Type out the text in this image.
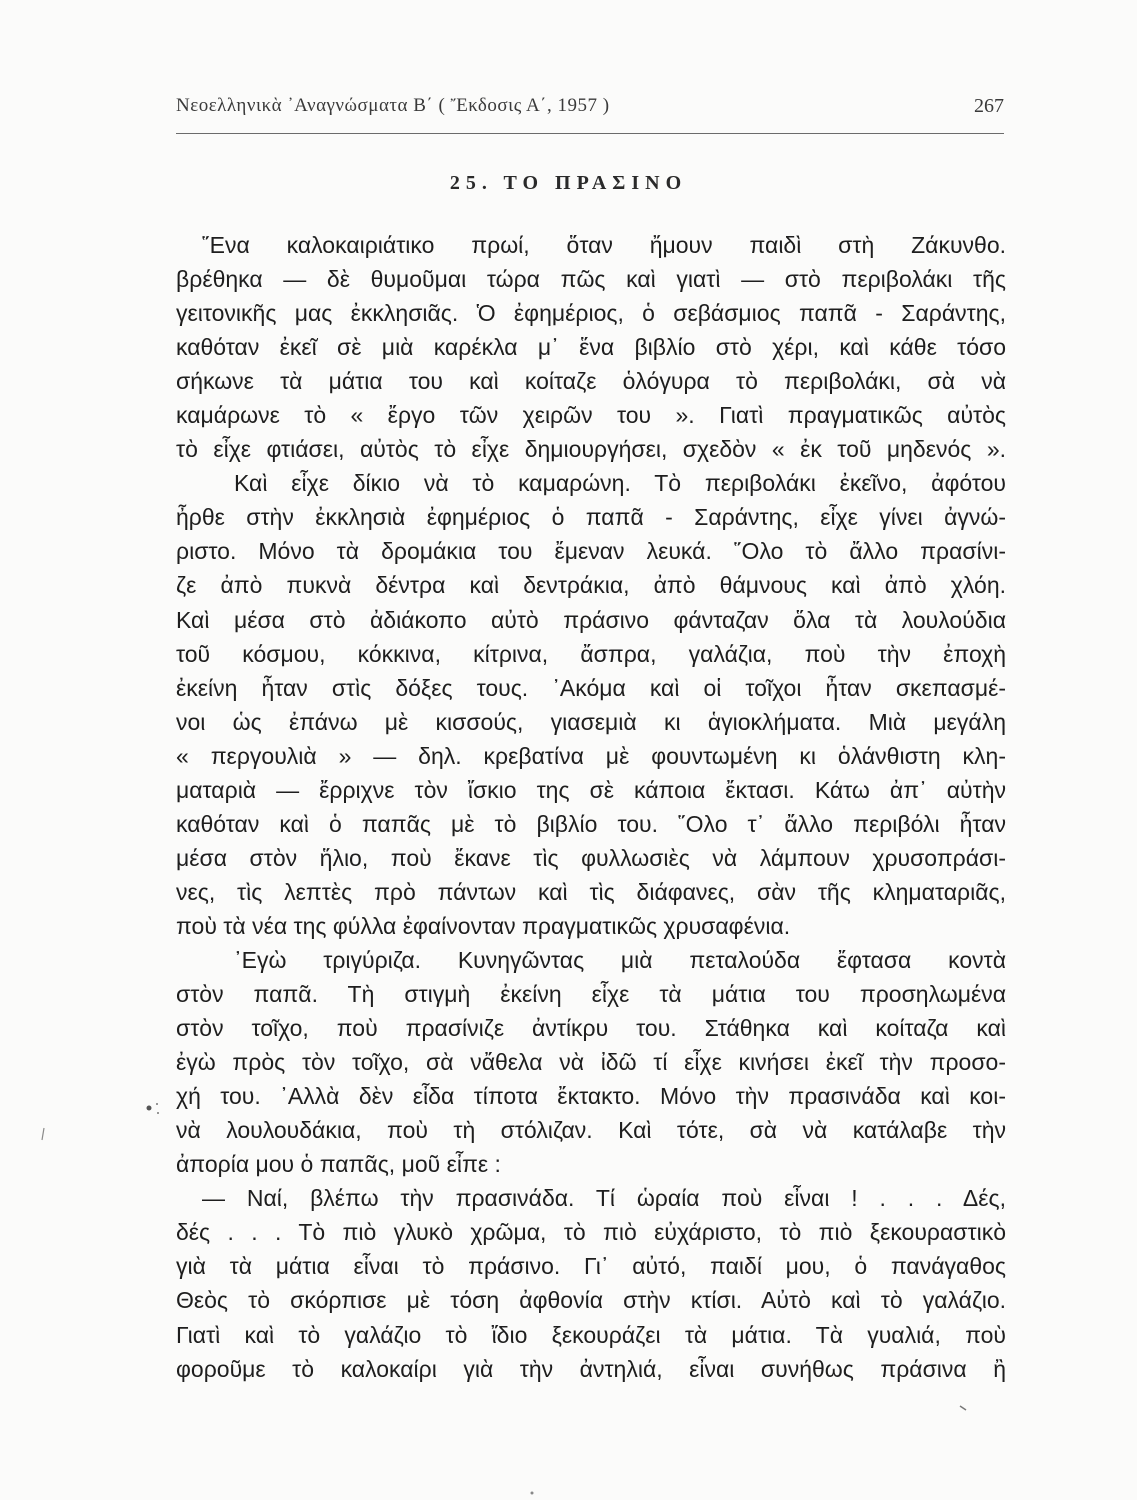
Νεοελληνικὰ ᾿Αναγνώσματα Β΄ ( Ἔκδοσις Α΄, 1957 )	267
25. ΤΟ ΠΡΑΣΙΝΟ
῞Ενα καλοκαιριάτικο πρωί, ὅταν ἤμουν παιδὶ στὴ Ζάκυνθο.
βρέθηκα — δὲ θυμοῦμαι τώρα πῶς καὶ γιατὶ — στὸ περιβολάκι τῆς
γειτονικῆς μας ἐκκλησιᾶς. Ὁ ἐφημέριος, ὁ σεβάσμιος παπᾶ - Σαράντης,
καθόταν ἐκεῖ σὲ μιὰ καρέκλα μ᾿ ἕνα βιβλίο στὸ χέρι, καὶ κάθε τόσο
σήκωνε τὰ μάτια του καὶ κοίταζε ὁλόγυρα τὸ περιβολάκι, σὰ νὰ
καμάρωνε τὸ « ἔργο τῶν χειρῶν του ». Γιατὶ πραγματικῶς αὐτὸς
τὸ εἶχε φτιάσει, αὐτὸς τὸ εἶχε δημιουργήσει, σχεδὸν « ἐκ τοῦ μηδενός ».
Καὶ εἶχε δίκιο νὰ τὸ καμαρώνη. Τὸ περιβολάκι ἐκεῖνο, ἀφότου
ἦρθε στὴν ἐκκλησιὰ ἐφημέριος ὁ παπᾶ - Σαράντης, εἶχε γίνει ἀγνώ-
ριστο. Μόνο τὰ δρομάκια του ἔμεναν λευκά. ῞Ολο τὸ ἄλλο πρασίνι-
ζε ἀπὸ πυκνὰ δέντρα καὶ δεντράκια, ἀπὸ θάμνους καὶ ἀπὸ χλόη.
Καὶ μέσα στὸ ἀδιάκοπο αὐτὸ πράσινο φάνταζαν ὅλα τὰ λουλούδια
τοῦ κόσμου, κόκκινα, κίτρινα, ἄσπρα, γαλάζια, ποὺ τὴν ἐποχὴ
ἐκείνη ἦταν στὶς δόξες τους. ᾿Ακόμα καὶ οἱ τοῖχοι ἦταν σκεπασμέ-
νοι ὡς ἐπάνω μὲ κισσούς, γιασεμιὰ κι ἁγιοκλήματα. Μιὰ μεγάλη
« περγουλιὰ » — δηλ. κρεβατίνα μὲ φουντωμένη κι ὁλάνθιστη κλη-
ματαριὰ — ἔρριχνε τὸν ἴσκιο της σὲ κάποια ἔκτασι. Κάτω ἀπ᾿ αὐτὴν
καθόταν καὶ ὁ παπᾶς μὲ τὸ βιβλίο του. ῞Ολο τ᾿ ἄλλο περιβόλι ἦταν
μέσα στὸν ἥλιο, ποὺ ἔκανε τὶς φυλλωσιὲς νὰ λάμπουν χρυσοπράσι-
νες, τὶς λεπτὲς πρὸ πάντων καὶ τὶς διάφανες, σὰν τῆς κληματαριᾶς,
ποὺ τὰ νέα της φύλλα ἐφαίνονταν πραγματικῶς χρυσαφένια.
᾿Εγὼ τριγύριζα. Κυνηγῶντας μιὰ πεταλούδα ἔφτασα κοντὰ
στὸν παπᾶ. Τὴ στιγμὴ ἐκείνη εἶχε τὰ μάτια του προσηλωμένα
στὸν τοῖχο, ποὺ πρασίνιζε ἀντίκρυ του. Στάθηκα καὶ κοίταζα καὶ
ἐγὼ πρὸς τὸν τοῖχο, σὰ νἄθελα νὰ ἰδῶ τί εἶχε κινήσει ἐκεῖ τὴν προσο-
χή του. ᾿Αλλὰ δὲν εἶδα τίποτα ἔκτακτο. Μόνο τὴν πρασινάδα καὶ κοι-
νὰ λουλουδάκια, ποὺ τὴ στόλιζαν. Καὶ τότε, σὰ νὰ κατάλαβε τὴν
ἀπορία μου ὁ παπᾶς, μοῦ εἶπε :
— Ναί, βλέπω τὴν πρασινάδα. Τί ὡραία ποὺ εἶναι ! . . . Δές,
δές . . . Τὸ πιὸ γλυκὸ χρῶμα, τὸ πιὸ εὐχάριστο, τὸ πιὸ ξεκουραστικὸ
γιὰ τὰ μάτια εἶναι τὸ πράσινο. Γι᾿ αὐτό, παιδί μου, ὁ πανάγαθος
Θεὸς τὸ σκόρπισε μὲ τόση ἀφθονία στὴν κτίσι. Αὐτὸ καὶ τὸ γαλάζιο.
Γιατὶ καὶ τὸ γαλάζιο τὸ ἴδιο ξεκουράζει τὰ μάτια. Τὰ γυαλιά, ποὺ
φοροῦμε τὸ καλοκαίρι γιὰ τὴν ἀντηλιά, εἶναι συνήθως πράσινα ἢ
